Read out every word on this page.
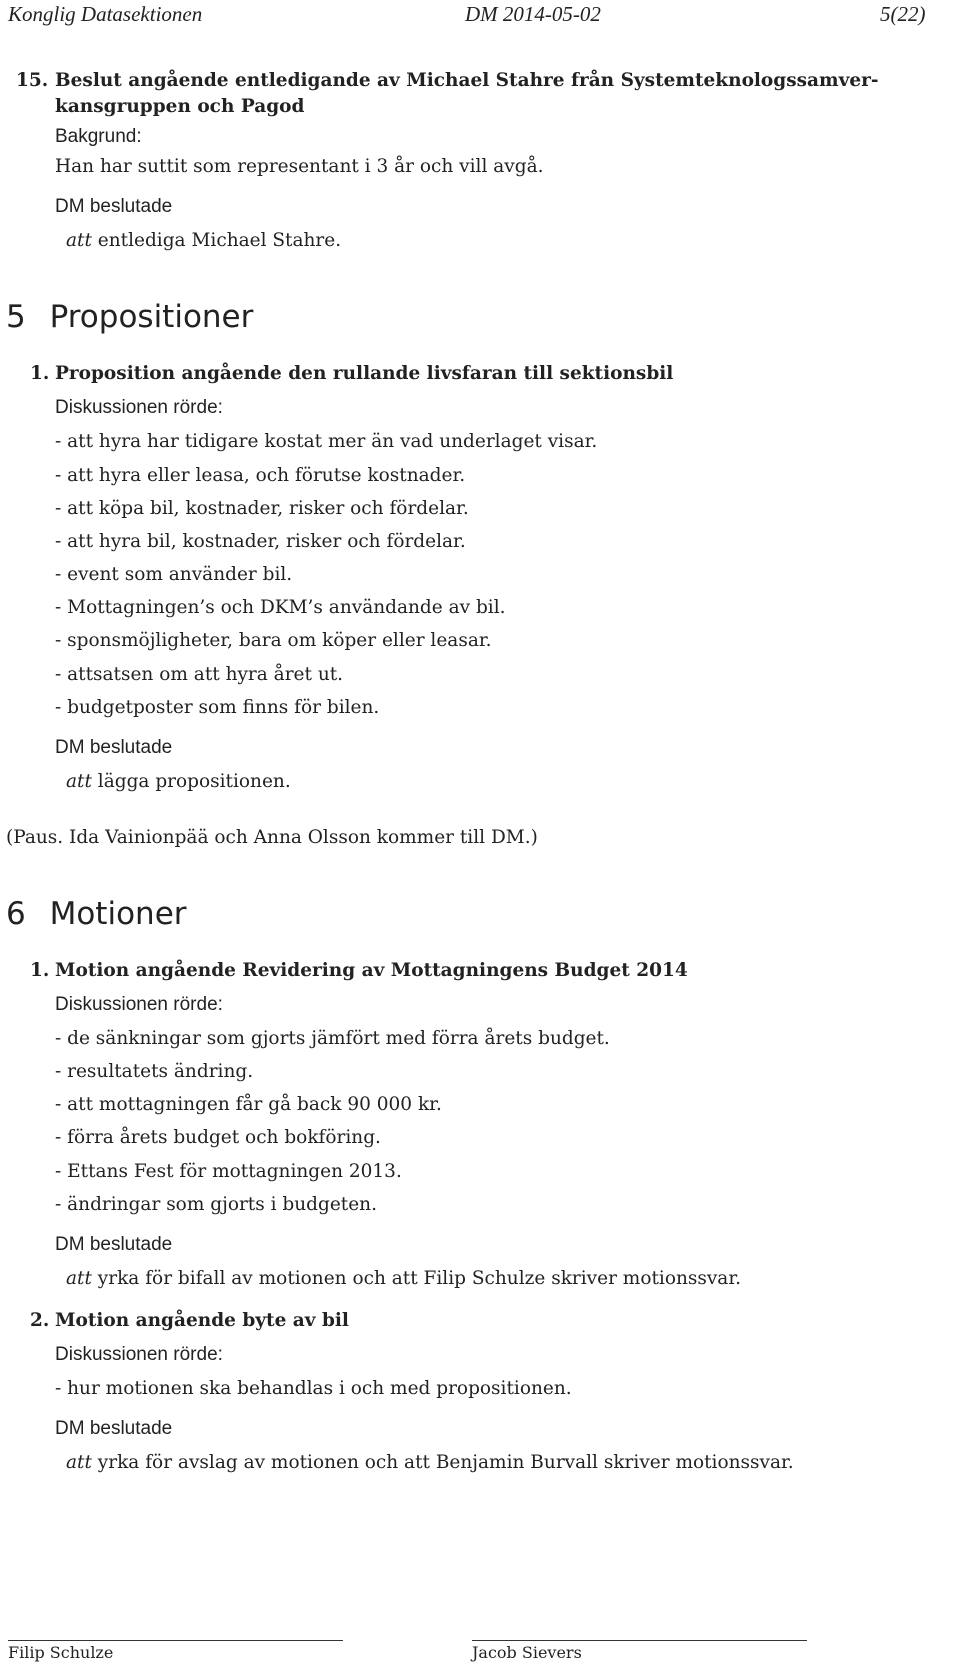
Konglig Datasektionen	DM 2014-05-02	5(22)
15. Beslut angående entledigande av Michael Stahre från Systemteknologssamver-
kansgruppen och Pagod
Bakgrund:
Han har suttit som representant i 3 år och vill avgå.
DM beslutade
att entlediga Michael Stahre.
5 Propositioner
1. Proposition angående den rullande livsfaran till sektionsbil
Diskussionen rörde:
- att hyra har tidigare kostat mer än vad underlaget visar.
- att hyra eller leasa, och förutse kostnader.
- att köpa bil, kostnader, risker och fördelar.
- att hyra bil, kostnader, risker och fördelar.
- event som använder bil.
- Mottagningen’s och DKM’s användande av bil.
- sponsmöjligheter, bara om köper eller leasar.
- attsatsen om att hyra året ut.
- budgetposter som finns för bilen.
DM beslutade
att lägga propositionen.
(Paus. Ida Vainionpää och Anna Olsson kommer till DM.)
6 Motioner
1. Motion angående Revidering av Mottagningens Budget 2014
Diskussionen rörde:
- de sänkningar som gjorts jämfört med förra årets budget.
- resultatets ändring.
- att mottagningen får gå back 90 000 kr.
- förra årets budget och bokföring.
- Ettans Fest för mottagningen 2013.
- ändringar som gjorts i budgeten.
DM beslutade
att yrka för bifall av motionen och att Filip Schulze skriver motionssvar.
2. Motion angående byte av bil
Diskussionen rörde:
- hur motionen ska behandlas i och med propositionen.
DM beslutade
att yrka för avslag av motionen och att Benjamin Burvall skriver motionssvar.
Filip Schulze	Jacob Sievers
